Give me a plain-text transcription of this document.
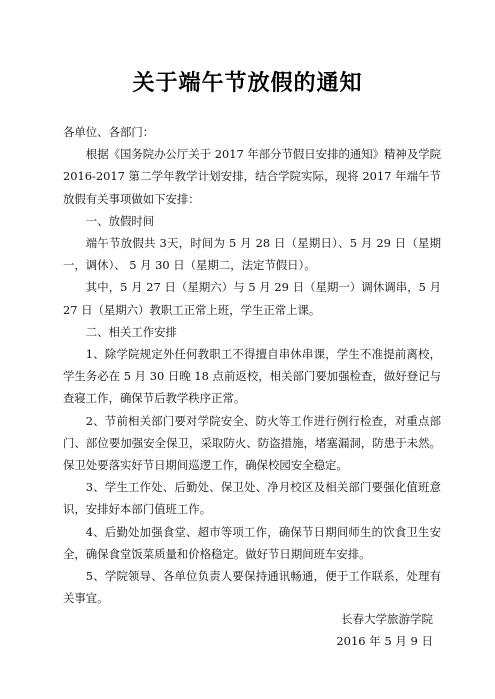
关于端午节放假的通知

各单位、各部门：

根据《国务院办公厅关于 2017 年部分节假日安排的通知》精神及学院 2016-2017 第二学年教学计划安排，结合学院实际，现将 2017 年端午节放假有关事项做如下安排：

一、放假时间

端午节放假共 3天，时间为 5 月 28 日（星期日）、5 月 29 日（星期一，调休）、 5 月 30 日（星期二，法定节假日）。

其中，5 月 27 日（星期六）与 5 月 29 日（星期一）调休调串，5 月 27 日（星期六）教职工正常上班，学生正常上课。

二、相关工作安排

1、除学院规定外任何教职工不得擅自串休串课，学生不准提前离校，学生务必在 5 月 30 日晚 18 点前返校，相关部门要加强检查，做好登记与查寝工作，确保节后教学秩序正常。

2、节前相关部门要对学院安全、防火等工作进行例行检查，对重点部门、部位要加强安全保卫，采取防火、防盗措施，堵塞漏洞，防患于未然。保卫处要落实好节日期间巡逻工作，确保校园安全稳定。

3、学生工作处、后勤处、保卫处、净月校区及相关部门要强化值班意识，安排好本部门值班工作。

4、后勤处加强食堂、超市等项工作，确保节日期间师生的饮食卫生安全，确保食堂饭菜质量和价格稳定。做好节日期间班车安排。

5、学院领导、各单位负责人要保持通讯畅通，便于工作联系，处理有关事宜。

长春大学旅游学院
2016 年 5 月 9 日
